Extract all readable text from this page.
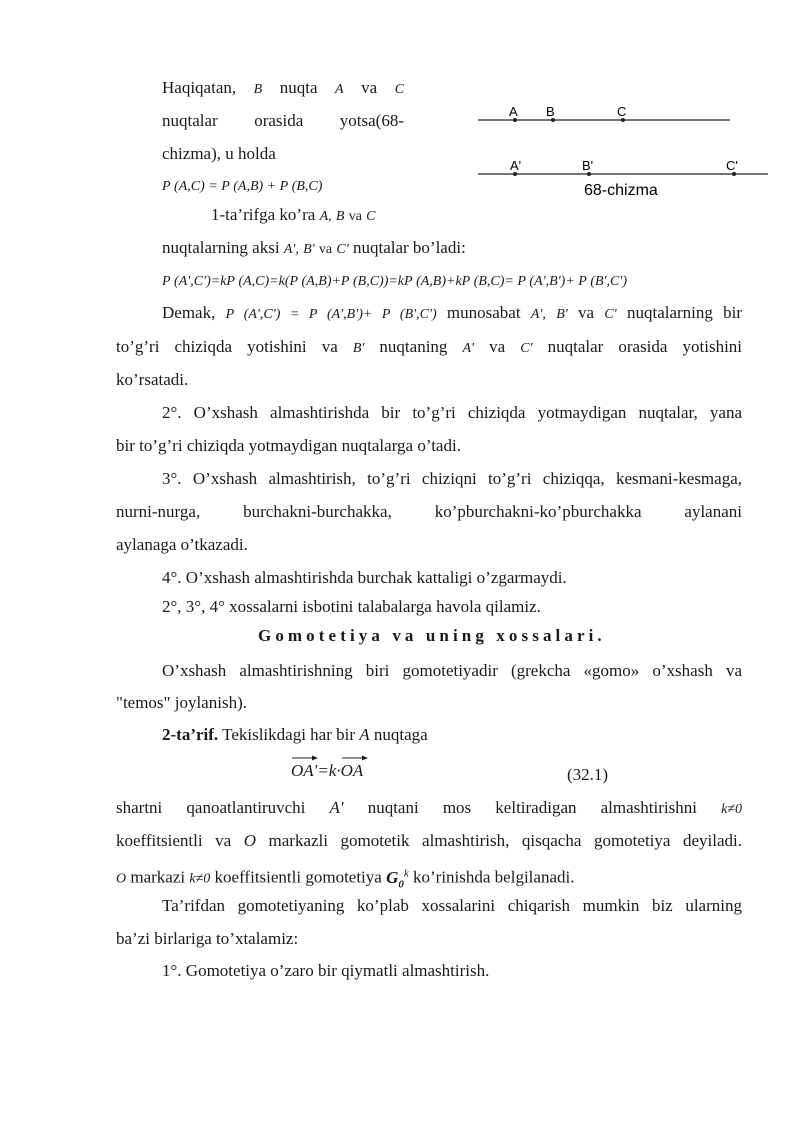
Haqiqatan, B nuqta A va C
nuqtalar orasida yotsa(68-
chizma), u holda
Ρ (A,C) = Ρ (A,B) + Ρ (B,C)
1-ta’rifga ko’ra A, B va C
A B	C
A'	B'	C'
68-chizma
nuqtalarning aksi A', B' va C' nuqtalar bo’ladi:
Ρ (A',C')=kΡ (A,C)=k(Ρ (A,B)+Ρ (B,C))=kΡ (A,B)+kΡ (B,C)= Ρ (A',B')+ Ρ (B',C')
Demak, Ρ (A',C') = Ρ (A',B')+ Ρ (B',C') munosabat A', B' va C' nuqtalarning bir
to’g’ri chiziqda yotishini va B' nuqtaning A' va C' nuqtalar orasida yotishini
ko’rsatadi.
2°. O’xshash almashtirishda bir to’g’ri chiziqda yotmaydigan nuqtalar, yana
bir to’g’ri chiziqda yotmaydigan nuqtalarga o’tadi.
3°. O’xshash almashtirish, to’g’ri chiziqni to’g’ri chiziqqa, kesmani-kesmaga,
nurni-nurga, burchakni-burchakka, ko’pburchakni-ko’pburchakka aylanani
aylanaga o’tkazadi.
4°. O’xshash almashtirishda burchak kattaligi o’zgarmaydi.
2°, 3°, 4° xossalarni isbotini talabalarga havola qilamiz.
Gomotetiya va uning xossalari.
O’xshash almashtirishning biri gomotetiyadir (grekcha «gomo» o’xshash va
"temos" joylanish).
2-ta’rif. Tekislikdagi har bir A nuqtaga
OA'=k·
OA	(32.1)
shartni qanoatlantiruvchi A' nuqtani mos keltiradigan almashtirishni k≠0
koeffitsientli va O markazli gomotetik almashtirish, qisqacha gomotetiya deyiladi.
O markazi k≠0 koeffitsientli gomotetiya $G_0^k$ ko’rinishda belgilanadi.
Ta’rifdan gomotetiyaning ko’plab xossalarini chiqarish mumkin biz ularning
ba’zi birlariga to’xtalamiz:
1°. Gomotetiya o’zaro bir qiymatli almashtirish.
